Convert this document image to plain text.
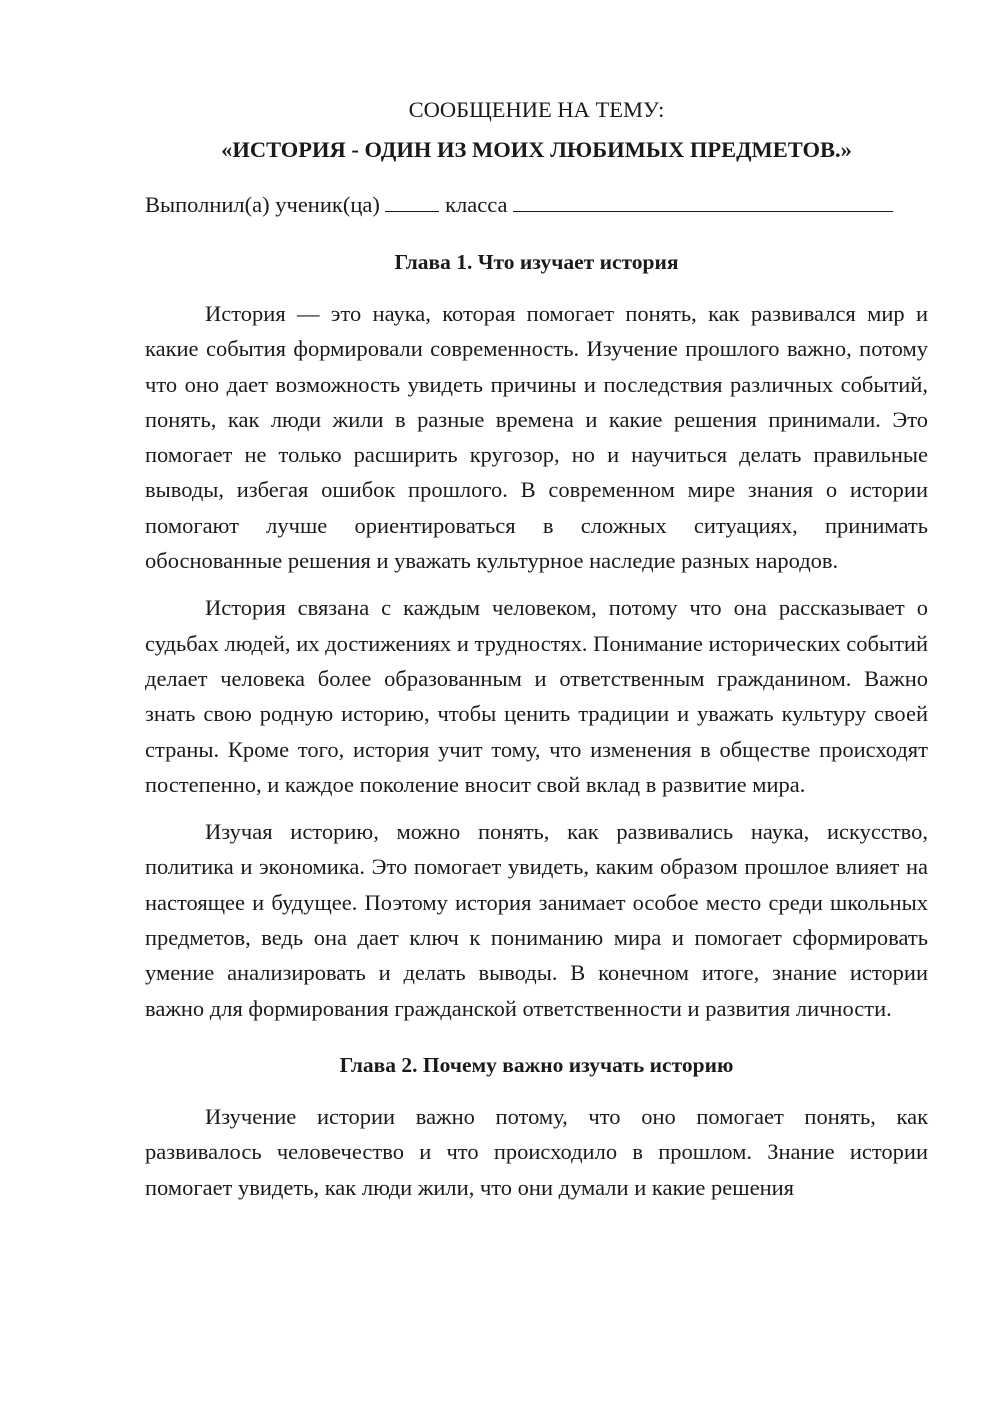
СООБЩЕНИЕ НА ТЕМУ:

«ИСТОРИЯ - ОДИН ИЗ МОИХ ЛЮБИМЫХ ПРЕДМЕТОВ.»

Выполнил(а) ученик(ца)	класса

Глава 1. Что изучает история

История — это наука, которая помогает понять, как развивался мир и какие события формировали современность. Изучение прошлого важно, потому что оно дает возможность увидеть причины и последствия различных событий, понять, как люди жили в разные времена и какие решения принимали. Это помогает не только расширить кругозор, но и научиться делать правильные выводы, избегая ошибок прошлого. В современном мире знания о истории помогают лучше ориентироваться в сложных ситуациях, принимать обоснованные решения и уважать культурное наследие разных народов.

История связана с каждым человеком, потому что она рассказывает о судьбах людей, их достижениях и трудностях. Понимание исторических событий делает человека более образованным и ответственным гражданином. Важно знать свою родную историю, чтобы ценить традиции и уважать культуру своей страны. Кроме того, история учит тому, что изменения в обществе происходят постепенно, и каждое поколение вносит свой вклад в развитие мира.

Изучая историю, можно понять, как развивались наука, искусство, политика и экономика. Это помогает увидеть, каким образом прошлое влияет на настоящее и будущее. Поэтому история занимает особое место среди школьных предметов, ведь она дает ключ к пониманию мира и помогает сформировать умение анализировать и делать выводы. В конечном итоге, знание истории важно для формирования гражданской ответственности и развития личности.

Глава 2. Почему важно изучать историю

Изучение истории важно потому, что оно помогает понять, как развивалось человечество и что происходило в прошлом. Знание истории помогает увидеть, как люди жили, что они думали и какие решения
